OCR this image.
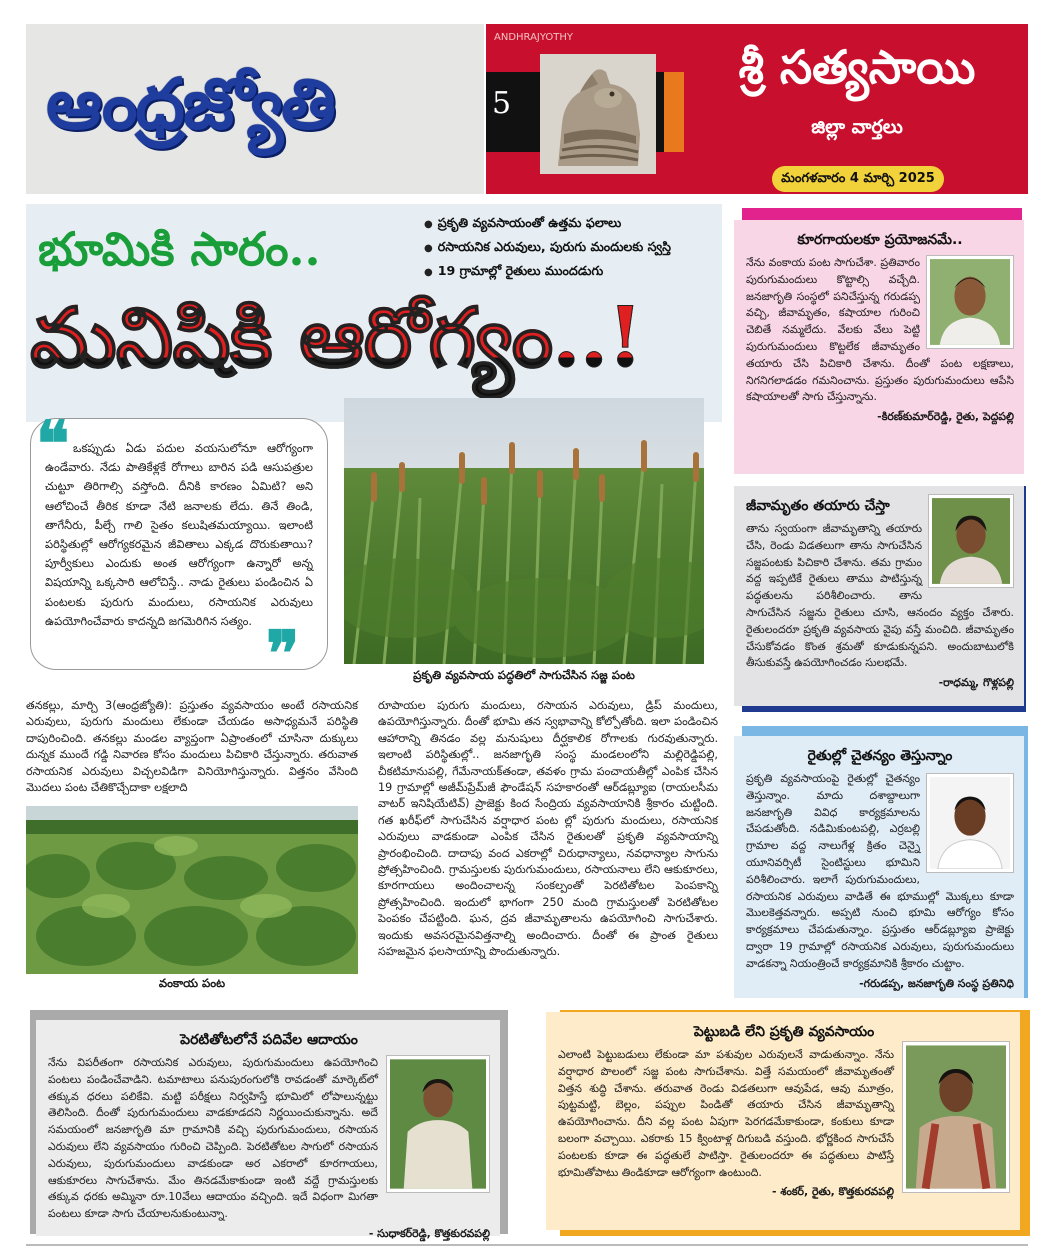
ఆంధ్రజ్యోతి
ANDHRAJYOTHY
5
శ్రీ సత్యసాయి
జిల్లా వార్తలు
మంగళవారం 4 మార్చి 2025
భూమికి సారం..
మనిషికి ఆరోగ్యం..!
● ప్రకృతి వ్యవసాయంతో ఉత్తమ ఫలాలు
● రసాయనిక ఎరువులు, పురుగు మందులకు స్వస్తి
● 19 గ్రామాల్లో రైతులు ముందడుగు
ఒకప్పుడు ఏడు పదుల వయసులోనూ ఆరోగ్యంగా ఉండేవారు. నేడు పాతికేళ్లకే రోగాలు బారిన పడి ఆసుపత్రుల చుట్టూ తిరిగాల్సి వస్తోంది. దీనికి కారణం ఏమిటి? అని ఆలోచించే తీరిక కూడా నేటి జనాలకు లేదు. తినే తిండి, తాగేనీరు, పీల్చే గాలి సైతం కలుషితమయ్యాయి. ఇలాంటి పరిస్థితుల్లో ఆరోగ్యకరమైన జీవితాలు ఎక్కడ దొరుకుతాయి? పూర్వీకులు ఎందుకు అంత ఆరోగ్యంగా ఉన్నారో అన్న విషయాన్ని ఒక్కసారి ఆలోచిస్తే.. నాడు రైతులు పండించిన ఏ పంటలకు పురుగు మందులు, రసాయనిక ఎరువులు ఉపయోగించేవారు కాదన్నది జగమెరిగిన సత్యం.
❝
❞	ప్రకృతి వ్యవసాయ పద్ధతిలో సాగుచేసిన సజ్జ పంట
తనకల్లు, మార్చి 3(ఆంధ్రజ్యోతి): ప్రస్తుతం వ్యవసాయం అంటే రసాయనిక ఎరువులు, పురుగు మందులు లేకుండా చేయడం అసాధ్యమనే పరిస్థితి దాపురించింది. తనకల్లు మండల వ్యాప్తంగా ఏప్రాంతంలో చూసినా దుక్కులు దున్నక ముందే గడ్డి నివారణ కోసం మందులు పిచికారి చేస్తున్నారు. తరువాత రసాయనిక ఎరువులు విచ్చలవిడిగా వినియోగిస్తున్నారు. విత్తనం వేసింది మొదలు పంట చేతికొచ్చేదాకా లక్షలాది
వంకాయ పంట
రూపాయల పురుగు మందులు, రసాయన ఎరువులు, డ్రిప్ మందులు, ఉపయోగిస్తున్నారు. దీంతో భూమి తన స్వభావాన్ని కోల్పోతోంది. ఇలా పండించిన ఆహారాన్ని తినడం వల్ల మనుషులు దీర్ఘకాలిక రోగాలకు గురవుతున్నారు. ఇలాంటి పరిస్థితుల్లో.. జనజాగృతి సంస్థ మండలంలోని మల్లిరెడ్డిపల్లి, చీకటిమానుపల్లి, గేమేనాయక్‌తండా, తవళం గ్రామ పంచాయతీల్లో ఎంపిక చేసిన 19 గ్రామాల్లో అజీమ్‌ప్రేమ్‌జీ ఫౌండేషన్ సహకారంతో ఆర్‌డబ్ల్యూఐ (రాయలసీమ వాటర్ ఇనిషియేటివ్) ప్రాజెక్టు కింద సేంద్రియ వ్యవసాయానికి శ్రీకారం చుట్టింది. గత ఖరీఫ్‌లో సాగుచేసిన వర్షాధార పంట ల్లో పురుగు మందులు, రసాయనిక ఎరువులు వాడకుండా ఎంపిక చేసిన రైతులతో ప్రకృతి వ్యవసాయాన్ని ప్రారంభించింది. దాదాపు వంద ఎకరాల్లో చిరుధాన్యాలు, నవధాన్యాల సాగును ప్రోత్సహించింది. గ్రామస్తులకు పురుగుమందులు, రసాయనాలు లేని ఆకుకూరలు, కూరగాయలు అందించాలన్న సంకల్పంతో పెరటితోటల పెంపకాన్ని ప్రోత్సహించింది. ఇందులో భాగంగా 250 మంది గ్రామస్తులతో పెరటితోటల పెంపకం చేపట్టింది. ఘన, ద్రవ జీవామృతాలను ఉపయోగించి సాగుచేశారు. ఇందుకు అవసరమైనవిత్తనాల్ని అందించారు. దీంతో ఈ ప్రాంత రైతులు సహజమైన ఫలసాయాన్ని పొందుతున్నారు.
కూరగాయలకూ ప్రయోజనమే..
నేను వంకాయ పంట సాగుచేశా. ప్రతివారం పురుగుమందులు కొట్టాల్సి వచ్చేది. జనజాగృతి సంస్థలో పనిచేస్తున్న గరుడప్ప వచ్చి, జీవామృతం, కషాయాల గురించి చెబితే నమ్మలేదు. వేలకు వేలు పెట్టి పురుగుమందులు కొట్టలేక జీవామృతం తయారు చేసి పిచికారి చేశాను. దీంతో పంట లక్షణాలు, నిగనిగలాడడం గమనించాను. ప్రస్తుతం పురుగుమందులు ఆపేసి కషాయాలతో సాగు చేస్తున్నాను.
-కిరణ్‌కుమార్‌రెడ్డి, రైతు, పెద్దపల్లి
జీవామృతం తయారు చేస్తా
తాను స్వయంగా జీవామృతాన్ని తయారు చేసి, రెండు విడతలుగా తాను సాగుచేసిన సజ్జపంటకు పిచికారి చేశాను. తమ గ్రామం వద్ద ఇప్పటికే రైతులు తాము పాటిస్తున్న పద్ధతులను పరిశీలించారు. తాను సాగుచేసిన సజ్జను రైతులు చూసి, ఆనందం వ్యక్తం చేశారు. రైతులందరూ ప్రకృతి వ్యవసాయ వైపు వస్తే మంచిది. జీవామృతం చేసుకోవడం కొంత శ్రమతో కూడుకున్నపని. అందుబాటులోకి తీసుకువస్తే ఉపయోగించడం సులభమే.
-రాధమ్మ, గొళ్లపల్లి
రైతుల్లో చైతన్యం తెస్తున్నాం
ప్రకృతి వ్యవసాయంపై రైతుల్లో చైతన్యం తెస్తున్నాం. మాదు దశాబ్దాలుగా జనజాగృతి వివిధ కార్యక్రమాలను చేపడుతోంది. నడిమికుంటపల్లి, ఎర్రబల్లి గ్రామాల వద్ద నాలుగేళ్ల క్రితం చెన్నై యూనివర్సిటీ సైంటిస్టులు భూమిని పరిశీలించారు. ఇలాగే పురుగుమందులు, రసాయనిక ఎరువులు వాడితే ఈ భూముల్లో మొక్కలు కూడా మొలకెత్తవన్నారు. అప్పటి నుంచి భూమి ఆరోగ్యం కోసం కార్యక్రమాలు చేపడుతున్నాం. ప్రస్తుతం ఆర్‌డబ్ల్యూఐ ప్రాజెక్టు ద్వారా 19 గ్రామాల్లో రసాయనిక ఎరువులు, పురుగుమందులు వాడకన్నా నియంత్రించే కార్యక్రమానికి శ్రీకారం చుట్టాం.
-గరుడప్ప, జనజాగృతి సంస్థ ప్రతినిధి
పెరటితోటలోనే పదివేల ఆదాయం
నేను విపరీతంగా రసాయనిక ఎరువులు, పురుగుమందులు ఉపయోగించి పంటలు పండించేవాడిని. టమాటాలు పనుపురంగులోకి రావడంతో మార్కెట్‌లో తక్కువ ధరలు పలికేవి. మట్టి పరీక్షలు నిర్వహిస్తే భూమిలో లోపాలున్నట్టు తెలిసింది. దీంతో పురుగుమందులు వాడకూడదని నిర్ణయించుకున్నాను. అదే సమయంలో జనజాగృతి మా గ్రామానికి వచ్చి పురుగుమందులు, రసాయన ఎరువులు లేని వ్యవసాయం గురించి చెప్పింది. పెరటితోటల సాగులో రసాయన ఎరువులు, పురుగుమందులు వాడకుండా అర ఎకరాలో కూరగాయలు, ఆకుకూరలు సాగుచేశాను. మేం తినడమేకాకుండా ఇంటి వద్దే గ్రామస్తులకు తక్కువ ధరకు అమ్మినా రూ.10వేలు ఆదాయం వచ్చింది. ఇదే విధంగా మిగతా పంటలు కూడా సాగు చేయాలనుకుంటున్నా.
- సుధాకర్‌రెడ్డి, కొత్తకురవపల్లి
పెట్టుబడి లేని ప్రకృతి వ్యవసాయం
ఎలాంటి పెట్టుబడులు లేకుండా మా పశువుల ఎరువులనే వాడుతున్నాం. నేను వర్షాధార పొలంలో సజ్జ పంట సాగుచేశాను. విత్తే సమయంలో జీవామృతంతో విత్తన శుద్ధి చేశాను. తరువాత రెండు విడతలుగా ఆవుపేడ, ఆవు మూత్రం, పుట్టమట్టి, బెల్లం, పప్పుల పిండితో తయారు చేసిన జీవామృతాన్ని ఉపయోగించాను. దీని వల్ల పంట ఏపుగా పెరగడమేకాకుండా, కంకులు కూడా బలంగా వచ్చాయి. ఎకరాకు 15 క్వింటాళ్ల దిగుబడి వస్తుంది. భోర్ణకింద సాగుచేసే పంటలకు కూడా ఈ పద్ధతులే పాటిస్తా. రైతులందరూ ఈ పద్ధతులు పాటిస్తే భూమితోపాటు తిండికూడా ఆరోగ్యంగా ఉంటుంది.
- శంకర్, రైతు, కొత్తకురవపల్లి
